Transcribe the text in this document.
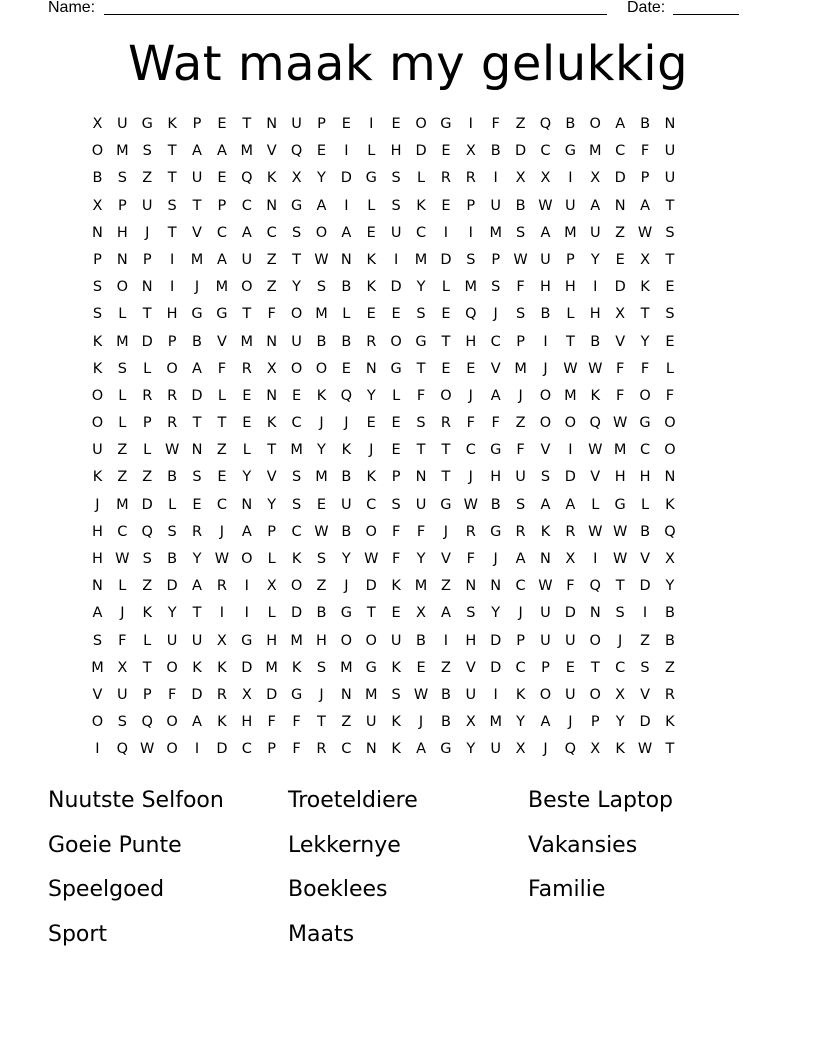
Name:	Date:
Wat maak my gelukkig
X	U G	K	P	E	T	N U	P	E	I	E	O G	I	F	Z Q B O A	B N
O M S	T	A	A M V Q	E	I	L	H D	E	X	B D C G M C	F	U
B	S	Z	T	U	E	Q K	X	Y	D G	S	L	R	R	I	X	X	I	X D	P	U
X	P	U	S	T	P	C N G A	I	L	S	K	E	P	U	B W U	A	N	A	T
N H	J	T	V	C	A	C	S	O A	E	U	C	I	I	M S	A M U	Z W S
P	N	P	I	M A	U	Z	T W N	K	I	M D	S	P W U	P	Y	E	X	T
S	O N	I	J	M O Z	Y	S	B	K	D	Y	L	M S	F	H H	I	D	K	E
S	L	T	H G G	T	F	O M	L	E	E	S	E	Q	J	S	B	L	H X	T	S
K M D	P	B	V M N U	B	B	R O G	T	H C	P	I	T	B	V	Y	E
K	S	L	O A	F	R	X O O	E	N G	T	E	E	V M	J	W W F	F	L
O	L	R	R D	L	E	N	E	K Q	Y	L	F	O	J	A	J	O M K	F	O	F
O	L	P	R	T	T	E	K	C	J	J	E	E	S	R	F	F	Z O O Q W G O
U	Z	L W N Z	L	T M Y	K	J	E	T	T	C G	F	V	I	W M C O
K	Z	Z	B	S	E	Y	V	S M B	K	P	N	T	J	H U	S	D V H H N
J	M D	L	E	C N	Y	S	E	U	C	S	U G W B	S	A	A	L	G	L	K
H C Q	S	R	J	A	P	C W B O	F	F	J	R G R	K	R W W B Q
H W S	B	Y W O	L	K	S	Y W F	Y	V	F	J	A	N X	I	W V	X
N	L	Z D A	R	I	X O Z	J	D	K M Z	N N C W F	Q	T	D	Y
A	J	K	Y	T	I	I	L	D B G	T	E	X	A	S	Y	J	U D N	S	I	B
S	F	L	U U	X G H M H O O U	B	I	H D	P	U U O	J	Z	B
M X	T	O K	K	D M K	S M G	K	E	Z	V D C	P	E	T	C	S	Z
V	U	P	F	D R	X D G	J	N M S W B	U	I	K O U O X	V	R
O	S	Q O A	K	H	F	F	T	Z	U	K	J	B	X M Y	A	J	P	Y	D	K
I	Q W O	I	D C	P	F	R	C N	K	A G	Y	U	X	J	Q X	K W T
Nuutste Selfoon	Troeteldiere	Beste Laptop
Goeie Punte	Lekkernye	Vakansies
Speelgoed	Boeklees	Familie
Sport	Maats
